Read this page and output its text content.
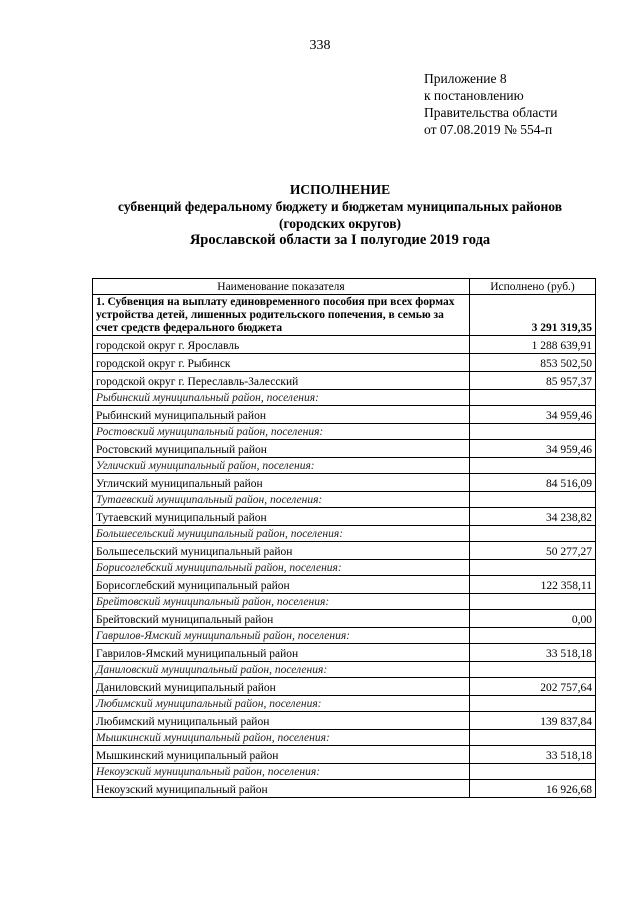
338
Приложение 8
к постановлению
Правительства области
от 07.08.2019 № 554-п
ИСПОЛНЕНИЕ
субвенций федеральному бюджету и бюджетам муниципальных районов
(городских округов)
Ярославской области за I полугодие 2019 года
Наименование показателя	Исполнено (руб.)
1. Субвенция на выплату единовременного пособия при всех формах устройства детей, лишенных родительского попечения, в семью за счет средств федерального бюджета	3 291 319,35
городской округ г. Ярославль	1 288 639,91
городской округ г. Рыбинск	853 502,50
городской округ г. Переславль-Залесский	85 957,37
Рыбинский муниципальный район, поселения:	
Рыбинский муниципальный район	34 959,46
Ростовский муниципальный район, поселения:	
Ростовский муниципальный район	34 959,46
Угличский муниципальный район, поселения:	
Угличский муниципальный район	84 516,09
Тутаевский муниципальный район, поселения:	
Тутаевский муниципальный район	34 238,82
Большесельский муниципальный район, поселения:	
Большесельский муниципальный район	50 277,27
Борисоглебский муниципальный район, поселения:	
Борисоглебский муниципальный район	122 358,11
Брейтовский муниципальный район, поселения:	
Брейтовский муниципальный район	0,00
Гаврилов-Ямский муниципальный район, поселения:	
Гаврилов-Ямский муниципальный район	33 518,18
Даниловский муниципальный район, поселения:	
Даниловский муниципальный район	202 757,64
Любимский муниципальный район, поселения:	
Любимский муниципальный район	139 837,84
Мышкинский муниципальный район, поселения:	
Мышкинский муниципальный район	33 518,18
Некоузский муниципальный район, поселения:	
Некоузский муниципальный район	16 926,68
